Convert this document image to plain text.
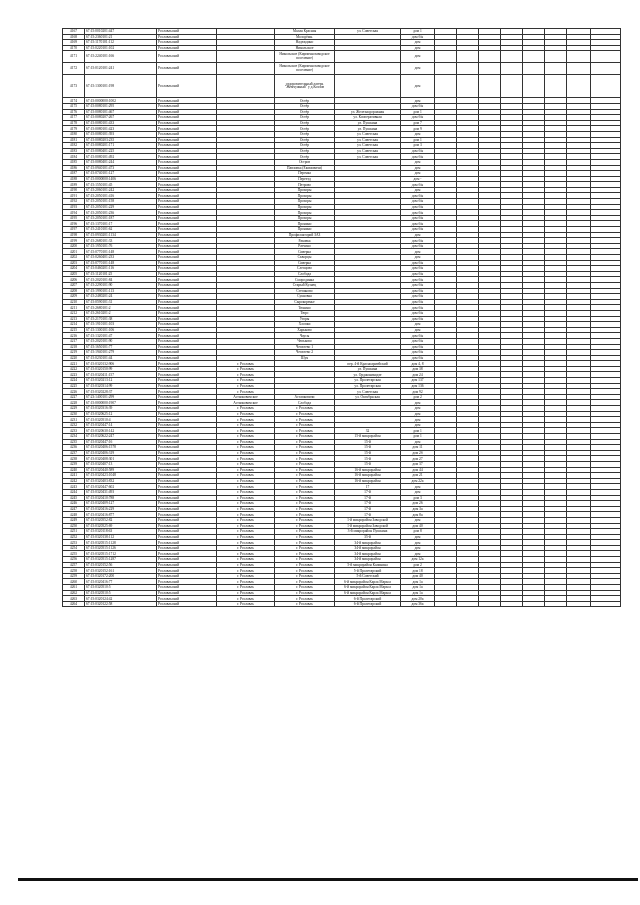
4167	67:15:0010201:447	Рославльский		Малая Красная	ул. Советская	дом 1								
4168	67:15:2360101:21	Рославльский		Молодёжн.		дом б/н								
4169	67:15:1170101:112	Рославльский		Надеждино		дом								
4170	67:15:0220101:102	Рославльский		Никольское		дом								
4171	67:15:2240101:166	Рославльский		Никольское (Кирпичнозаводское поселение)		дом								
4172	67:15:0120101:241	Рославльский		Никольское (Кирпичнозаводское поселение)		дом								
4173	67:15:1300101:198	Рославльский		оздоровительный лагерь "Жемчужный" у д.Козлов		дом								
4174	67:15:0000000:1002	Рославльский		Остёр		дом								
4175	67:15:0080101:295	Рославльский		Остёр		дом б/н								
4176	67:15:0080101:467	Рославльский		Остёр	ул. Железнодорожная	дом 1								
4177	67:15:0080207:267	Рославльский		Остёр	ул. Кооперативная	дом б/н								
4178	67:15:0080101:433	Рославльский		Остёр	ул. Пушкина	дом 7								
4179	67:15:0080101:423	Рославльский		Остёр	ул. Пушкина	дом 9								
4180	67:15:0080101:393	Рославльский		Остёр	ул. Советская	дом								
4181	67:15:0080203:235	Рославльский		Остёр	ул. Советская	дом 1								
4182	67:15:0080201:171	Рославльский		Остёр	ул. Советская	дом 3								
4183	67:15:0080401:225	Рославльский		Остёр	ул. Советская	дом б/н								
4184	67:15:0080101:492	Рославльский		Остёр	ул. Советская	дом б/н								
4185	67:15:0080401:244	Рославльский		Остров		дом								
4186	67:15:0940101:473	Рославльский		Павловка (Екимовичи)		дом								
4187	67:15:0740101:127	Рославльский		Перенка		дом								
4188	67:15:0000000:1406	Рославльский		Переезд		дом -								
4189	67:15:1550101:45	Рославльский		Петрово		дом б/н								
4190	67:15:2060101:242	Рославльский		Прохоры		дом								
4191	67:15:2050101:416	Рославльский		Прохоры		дом б/н								
4192	67:15:2050101:158	Рославльский		Прохоры		дом б/н								
4193	67:15:2050101:229	Рославльский		Прохоры		дом б/н								
4194	67:15:2050101:236	Рославльский		Прохоры		дом б/н								
4195	67:15:2050101:187	Рославльский		Прохоры		дом б/н								
4196	67:15:1370101:17	Рославльский		Пронино		дом б/н								
4197	67:15:2410101:62	Рославльский		Пронино		дом б/н								
4198	67:15:0930201:1134	Рославльский		Профилакторий ЗАЗ		дом								
4199	67:15:2680101:33	Рославльский		Раковка		дом б/н								
4200	67:15:1950101:76	Рославльский		Ратчино		дом б/н								
4201	67:15:0770101:148	Рославльский		Сиверка		дом								
4202	67:15:0260401:233	Рославльский		Скворцы		дом								
4203	67:15:0770101:148	Рославльский		Сиверка		дом б/н								
4204	67:15:0460201:116	Рославльский		Слепцово		дом б/н								
4205	67:15:1120101:25	Рославльский		Слобода		дом б/н								
4206	67:15:2020101:84	Рославльский		Смородинка		дом б/н								
4207	67:15:2290101:90	Рославльский		Старый Кузнец		дом б/н								
4208	67:15:1990101:113	Рославльский		Степаново		дом б/н								
4209	67:15:2480201:24	Рославльский		Сукновка		дом б/н								
4210	67:15:0590101:31	Рославльский		Сырокоренье		дом б/н								
4211	67:15:2680101:2	Рославльский		Тюнино		дом б/н								
4212	67:15:2610201:2	Рославльский		Тюрс		дом б/н								
4213	67:15:2170101:38	Рославльский		Угоры		дом б/н								
4214	67:15:1910101:103	Рославльский		Хлопки		дом								
4215	67:15:1300101:106	Рославльский		Харьково		дом								
4216	67:15:1320101:47	Рославльский		Чаусы		дом б/н								
4217	67:15:2020101:90	Рославльский		Чепьково		дом б/н								
4218	67:15:1650101:77	Рославльский		Чепелево 1		дом б/н								
4219	67:15:1940101:279	Рославльский		Чепелево 2		дом б/н								
4220	67:15:0230101:44	Рославльский		Шуя		дом б/н								
4221	67:15:0320132:906	Рославльский	г. Рославль		пер. 4-й Красноармейский	дом 4, 8								
4222	67:15:0320150:99	Рославльский	г. Рославль		ул. Пушкина	дом 38								
4223	67:15:0320411:157	Рославльский	г. Рославль		ул. Орджоникидзе	дом 24								
4224	67:15:0320213:12	Рославльский	г. Рославль		ул. Пролетарская	дом 137								
4225	67:15:0320314:99	Рославльский	г. Рославль		ул. Пролетарская	дом 136								
4226	67:15:0320228:37	Рославльский	г. Рославль		ул. Советская	дом 92								
4227	67:23:1400101:299	Рославльский	Астапковичское	Астапковичи	ул. Октябрьская	дом 2								
4228	67:15:0000000:1907	Рославльский	Астапковичское	Слобода		дом								
4229	67:15:0320316:39	Рославльский	г. Рославль	г. Рославль		дом								
4230	67:15:0320625:12	Рославльский	г. Рославль	г. Рославль		дом								
4231	67:15:0320510:4	Рославльский	г. Рославль	г. Рославль		дом								
4232	67:15:0320447:14	Рославльский	г. Рославль	г. Рославль		дом								
4233	67:15:0320630:142	Рославльский	г. Рославль	г. Рославль	32	дом 1								
4234	67:15:0320622:247	Рославльский	г. Рославль	г. Рославль	15-й микрорайон	дом 1								
4235	67:15:0320447:16	Рославльский	г. Рославль	г. Рославль	15-й	дом								
4236	67:15:0320406:1578	Рославльский	г. Рославль	г. Рославль	15-й	дом 11								
4237	67:15:0320406:319	Рославльский	г. Рославль	г. Рославль	15-й	дом 2б								
4238	67:15:0320408:301	Рославльский	г. Рославль	г. Рославль	15-й	дом 27								
4239	67:15:0320407:13	Рославльский	г. Рославль	г. Рославль	15-й	дом 37								
4240	67:15:0320440:589	Рославльский	г. Рославль	г. Рославль	16-й микрорайон	дом 44								
4241	67:15:0320423:1048	Рославльский	г. Рославль	г. Рославль	16-й микрорайон	дом 21								
4242	67:15:0320403:832	Рославльский	г. Рославль	г. Рославль	16-й микрорайон	дом 22а								
4243	67:15:0320447:602	Рославльский	г. Рославль	г. Рославль	17	дом								
4244	67:15:0320431:493	Рославльский	г. Рославль	г. Рославль	17-й	дом								
4245	67:15:0320410:788	Рославльский	г. Рославль	г. Рославль	17-й	дом 3								
4246	67:15:0320409:127	Рославльский	г. Рославль	г. Рославль	17-й	дом 26								
4247	67:15:0320416:229	Рославльский	г. Рославль	г. Рославль	17-й	дом 3а								
4248	67:15:0320416:877	Рославльский	г. Рославль	г. Рославль	17-й	дом 8а								
4249	67:15:0320552:82	Рославльский	г. Рославль	г. Рославль	1-й микрорайон Заводской	дом								
4250	67:15:0320525:69	Рославльский	г. Рославль	г. Рославль	1-й микрорайон Заводской	дом 40								
4251	67:15:0320118:63	Рославльский	г. Рославль	г. Рославль	3-й микрорайон Пушкина	дом 8								
4252	67:15:0320138:112	Рославльский	г. Рославль	г. Рославль	35-й	дом								
4253	67:15:0320515:1128	Рославльский	г. Рославль	г. Рославль	34-й микрорайон	дом								
4254	67:15:0320515:1126	Рославльский	г. Рославль	г. Рославль	34-й микрорайон	дом								
4255	67:15:0320515:1712	Рославльский	г. Рославль	г. Рославль	34-й микрорайон	дом								
4256	67:15:0320515:1287	Рославльский	г. Рославль	г. Рославль	34-й микрорайон	дом 12а								
4257	67:15:0320152:56	Рославльский	г. Рославль	г. Рославль	5-й микрорайон Калинина	дом 2								
4258	67:15:0320152:161	Рославльский	г. Рославль	г. Рославль	5-й Пролетарский	дом 18								
4259	67:15:0320172:200	Рославльский	г. Рославль	г. Рославль	5-й Советский	дом 40								
4260	67:15:0320416:77	Рославльский	г. Рославль	г. Рославль	6-й микрорайон Карла Маркса	дом 1а								
4261	67:15:0320510:5	Рославльский	г. Рославль	г. Рославль	6-й микрорайон Карла Маркса	дом 1а								
4262	67:15:0320510:5	Рославльский	г. Рославль	г. Рославль	6-й микрорайон Карла Маркса	дом 1а								
4263	67:15:0320124:42	Рославльский	г. Рославль	г. Рославль	6-й Пролетарский	дом 20а								
4264	67:15:0320122:58	Рославльский	г. Рославль	г. Рославль	6-й Пролетарский	дом 36а								
